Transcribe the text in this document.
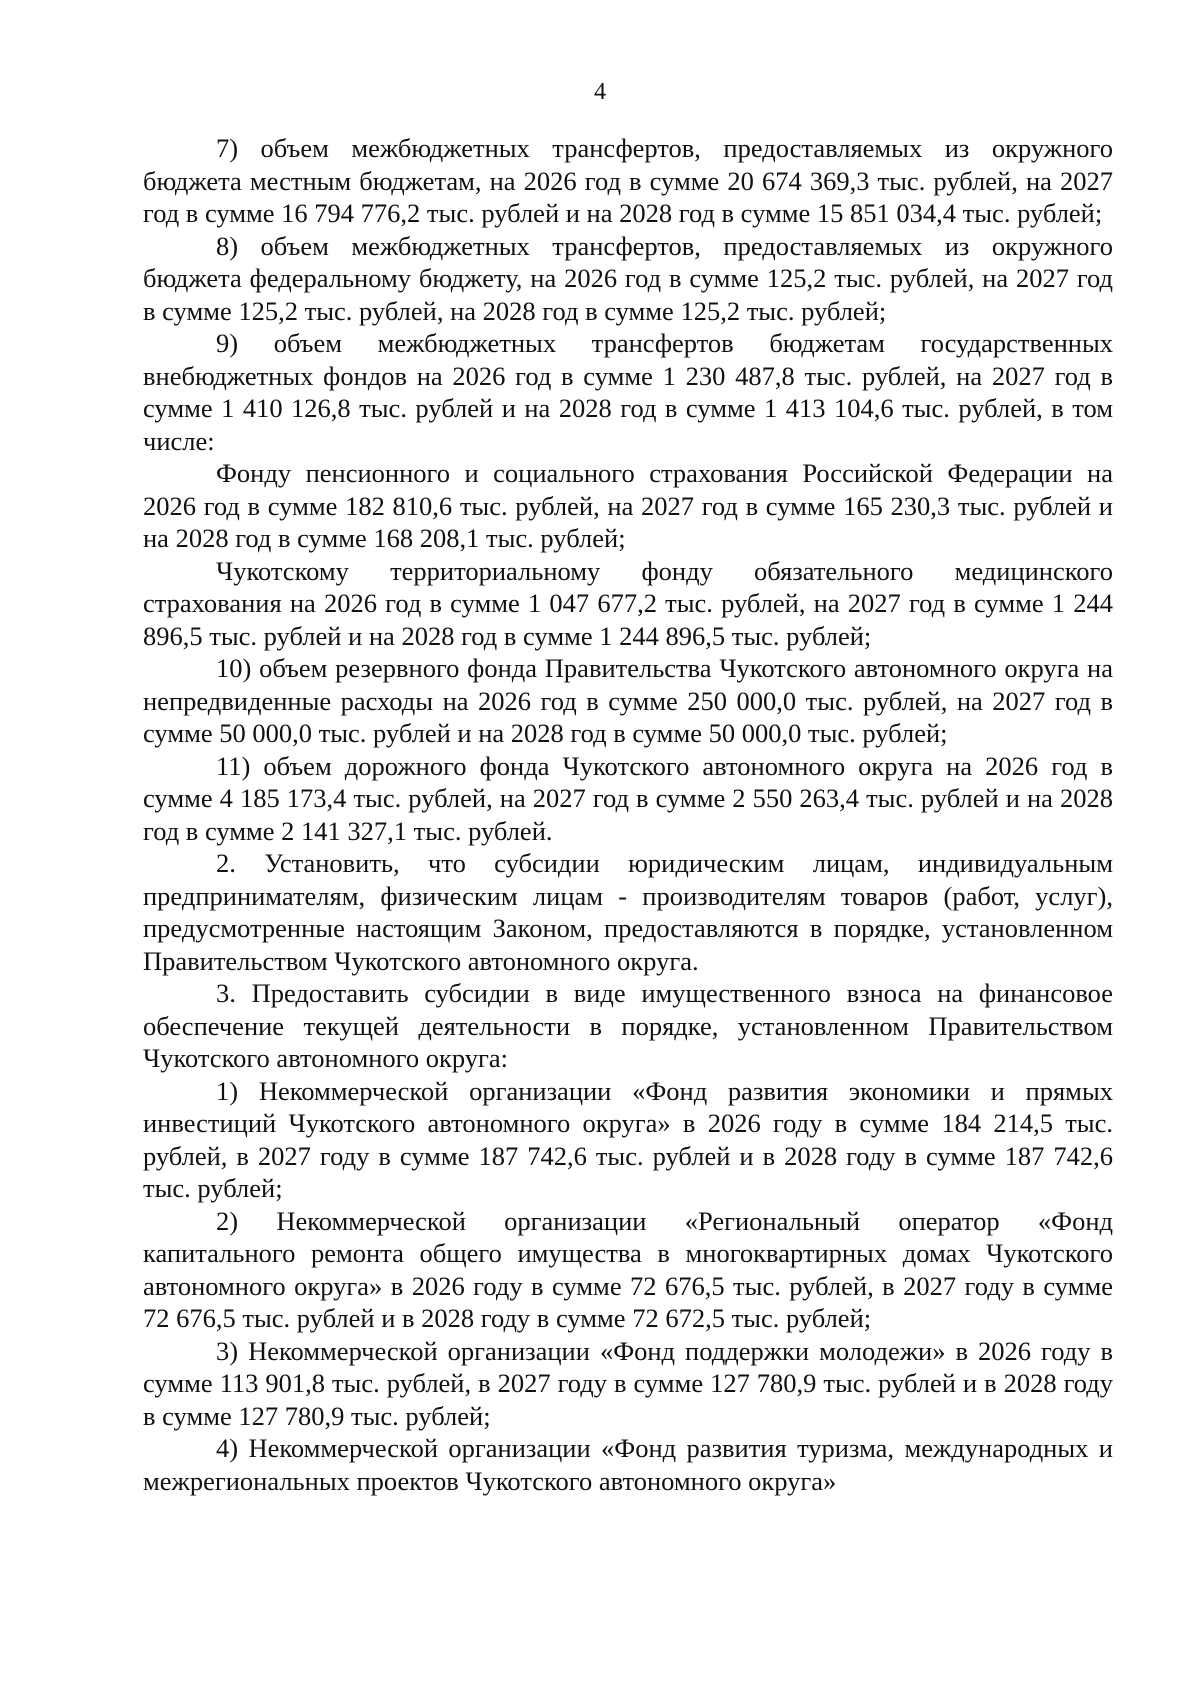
4

7) объем межбюджетных трансфертов, предоставляемых из окружного бюджета местным бюджетам, на 2026 год в сумме 20 674 369,3 тыс. рублей, на 2027 год в сумме 16 794 776,2 тыс. рублей и на 2028 год в сумме 15 851 034,4 тыс. рублей;

8) объем межбюджетных трансфертов, предоставляемых из окружного бюджета федеральному бюджету, на 2026 год в сумме 125,2 тыс. рублей, на 2027 год в сумме 125,2 тыс. рублей, на 2028 год в сумме 125,2 тыс. рублей;

9) объем межбюджетных трансфертов бюджетам государственных внебюджетных фондов на 2026 год в сумме 1 230 487,8 тыс. рублей, на 2027 год в сумме 1 410 126,8 тыс. рублей и на 2028 год в сумме 1 413 104,6 тыс. рублей, в том числе:

Фонду пенсионного и социального страхования Российской Федерации на 2026 год в сумме 182 810,6 тыс. рублей, на 2027 год в сумме 165 230,3 тыс. рублей и на 2028 год в сумме 168 208,1 тыс. рублей;

Чукотскому территориальному фонду обязательного медицинского страхования на 2026 год в сумме 1 047 677,2 тыс. рублей, на 2027 год в сумме 1 244 896,5 тыс. рублей и на 2028 год в сумме 1 244 896,5 тыс. рублей;

10) объем резервного фонда Правительства Чукотского автономного округа на непредвиденные расходы на 2026 год в сумме 250 000,0 тыс. рублей, на 2027 год в сумме 50 000,0 тыс. рублей и на 2028 год в сумме 50 000,0 тыс. рублей;

11) объем дорожного фонда Чукотского автономного округа на 2026 год в сумме 4 185 173,4 тыс. рублей, на 2027 год в сумме 2 550 263,4 тыс. рублей и на 2028 год в сумме 2 141 327,1 тыс. рублей.

2. Установить, что субсидии юридическим лицам, индивидуальным предпринимателям, физическим лицам - производителям товаров (работ, услуг), предусмотренные настоящим Законом, предоставляются в порядке, установленном Правительством Чукотского автономного округа.

3. Предоставить субсидии в виде имущественного взноса на финансовое обеспечение текущей деятельности в порядке, установленном Правительством Чукотского автономного округа:

1) Некоммерческой организации «Фонд развития экономики и прямых инвестиций Чукотского автономного округа» в 2026 году в сумме 184 214,5 тыс. рублей, в 2027 году в сумме 187 742,6 тыс. рублей и в 2028 году в сумме 187 742,6 тыс. рублей;

2) Некоммерческой организации «Региональный оператор «Фонд капитального ремонта общего имущества в многоквартирных домах Чукотского автономного округа» в 2026 году в сумме 72 676,5 тыс. рублей, в 2027 году в сумме 72 676,5 тыс. рублей и в 2028 году в сумме 72 672,5 тыс. рублей;

3) Некоммерческой организации «Фонд поддержки молодежи» в 2026 году в сумме 113 901,8 тыс. рублей, в 2027 году в сумме 127 780,9 тыс. рублей и в 2028 году в сумме 127 780,9 тыс. рублей;

4) Некоммерческой организации «Фонд развития туризма, международных и межрегиональных проектов Чукотского автономного округа»
